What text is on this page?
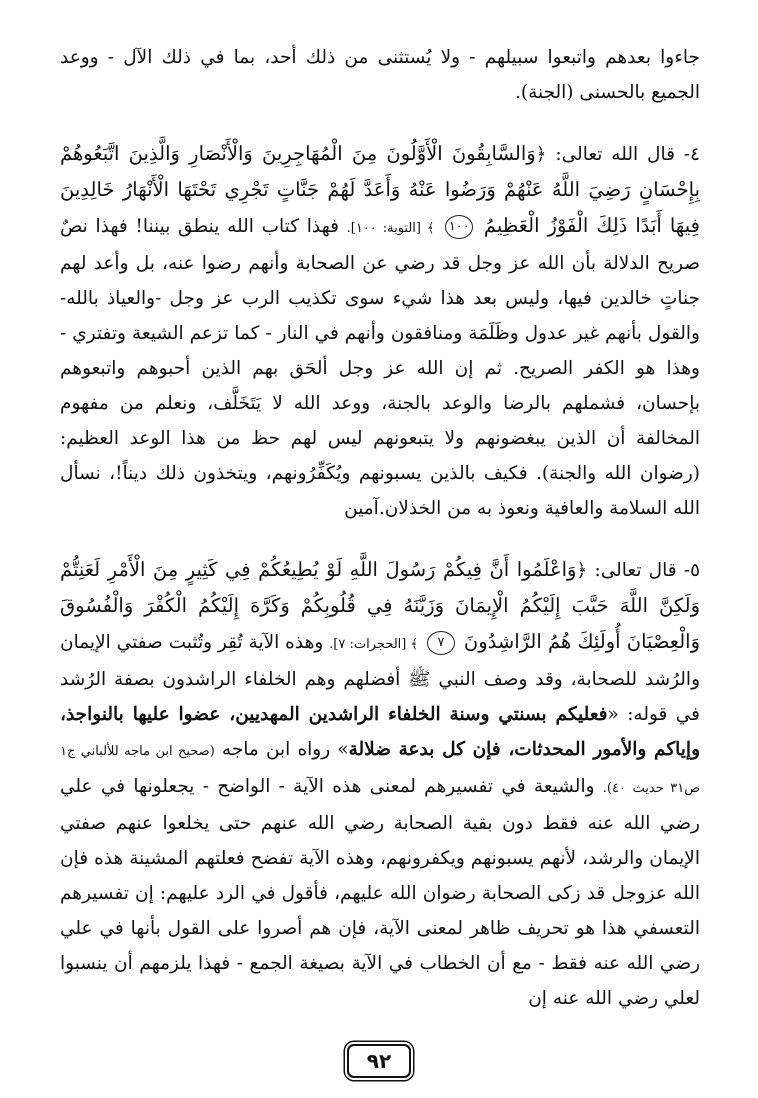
جاءوا بعدهم واتبعوا سبيلهم - ولا يُستثنى من ذلك أحد، بما في ذلك الآل - ووعد الجميع بالحسنى (الجنة).

٤- قال الله تعالى: ﴿وَالسَّابِقُونَ الْأَوَّلُونَ مِنَ الْمُهَاجِرِينَ وَالْأَنْصَارِ وَالَّذِينَ اتَّبَعُوهُمْ بِإِحْسَانٍ رَضِيَ اللَّهُ عَنْهُمْ وَرَضُوا عَنْهُ وَأَعَدَّ لَهُمْ جَنَّاتٍ تَجْرِي تَحْتَهَا الْأَنْهَارُ خَالِدِينَ فِيهَا أَبَدًا ذَلِكَ الْفَوْزُ الْعَظِيمُ ١٠٠ ﴾ [التوبة: ١٠٠]. فهذا كتاب الله ينطق بيننا! فهذا نصٌ صريح الدلالة بأن الله عز وجل قد رضي عن الصحابة وأنهم رضوا عنه، بل وأعد لهم جناتٍ خالدين فيها، وليس بعد هذا شيء سوى تكذيب الرب عز وجل -والعياذ بالله- والقول بأنهم غير عدول وظَلَمَة ومنافقون وأنهم في النار - كما تزعم الشيعة وتفتري - وهذا هو الكفر الصريح. ثم إن الله عز وجل ألحَق بهم الذين أحبوهم واتبعوهم بإحسان، فشملهم بالرضا والوعد بالجنة، ووعد الله لا يَتَخَلَّف، ونعلم من مفهوم المخالفة أن الذين يبغضونهم ولا يتبعونهم ليس لهم حظ من هذا الوعد العظيم: (رضوان الله والجنة). فكيف بالذين يسبونهم ويُكَفِّرُونهم، ويتخذون ذلك ديناً!، نسأل الله السلامة والعافية ونعوذ به من الخذلان.آمين

٥- قال تعالى: ﴿وَاعْلَمُوا أَنَّ فِيكُمْ رَسُولَ اللَّهِ لَوْ يُطِيعُكُمْ فِي كَثِيرٍ مِنَ الْأَمْرِ لَعَنِتُّمْ وَلَكِنَّ اللَّهَ حَبَّبَ إِلَيْكُمُ الْإِيمَانَ وَزَيَّنَهُ فِي قُلُوبِكُمْ وَكَرَّهَ إِلَيْكُمُ الْكُفْرَ وَالْفُسُوقَ وَالْعِصْيَانَ أُولَئِكَ هُمُ الرَّاشِدُونَ ٧ ﴾ [الحجرات: ٧]. وهذه الآية تُقِر وتُثبت صفتي الإيمان والرُشد للصحابة، وقد وصف النبي ﷺ أفضلهم وهم الخلفاء الراشدون بصفة الرُشد في قوله: «فعليكم بسنتي وسنة الخلفاء الراشدين المهديين، عضوا عليها بالنواجذ، وإياكم والأمور المحدثات، فإن كل بدعة ضلالة» رواه ابن ماجه (صحيح ابن ماجه للألباني ج١ ص٣١ حديث ٤٠). والشيعة في تفسيرهم لمعنى هذه الآية - الواضح - يجعلونها في علي رضي الله عنه فقط دون بقية الصحابة رضي الله عنهم حتى يخلعوا عنهم صفتي الإيمان والرشد، لأنهم يسبونهم ويكفرونهم، وهذه الآية تفضح فعلتهم المشينة هذه فإن الله عزوجل قد زكى الصحابة رضوان الله عليهم، فأقول في الرد عليهم: إن تفسيرهم التعسفي هذا هو تحريف ظاهر لمعنى الآية، فإن هم أصروا على القول بأنها في علي رضي الله عنه فقط - مع أن الخطاب في الآية بصيغة الجمع - فهذا يلزمهم أن ينسبوا لعلي رضي الله عنه إن

٩٢
